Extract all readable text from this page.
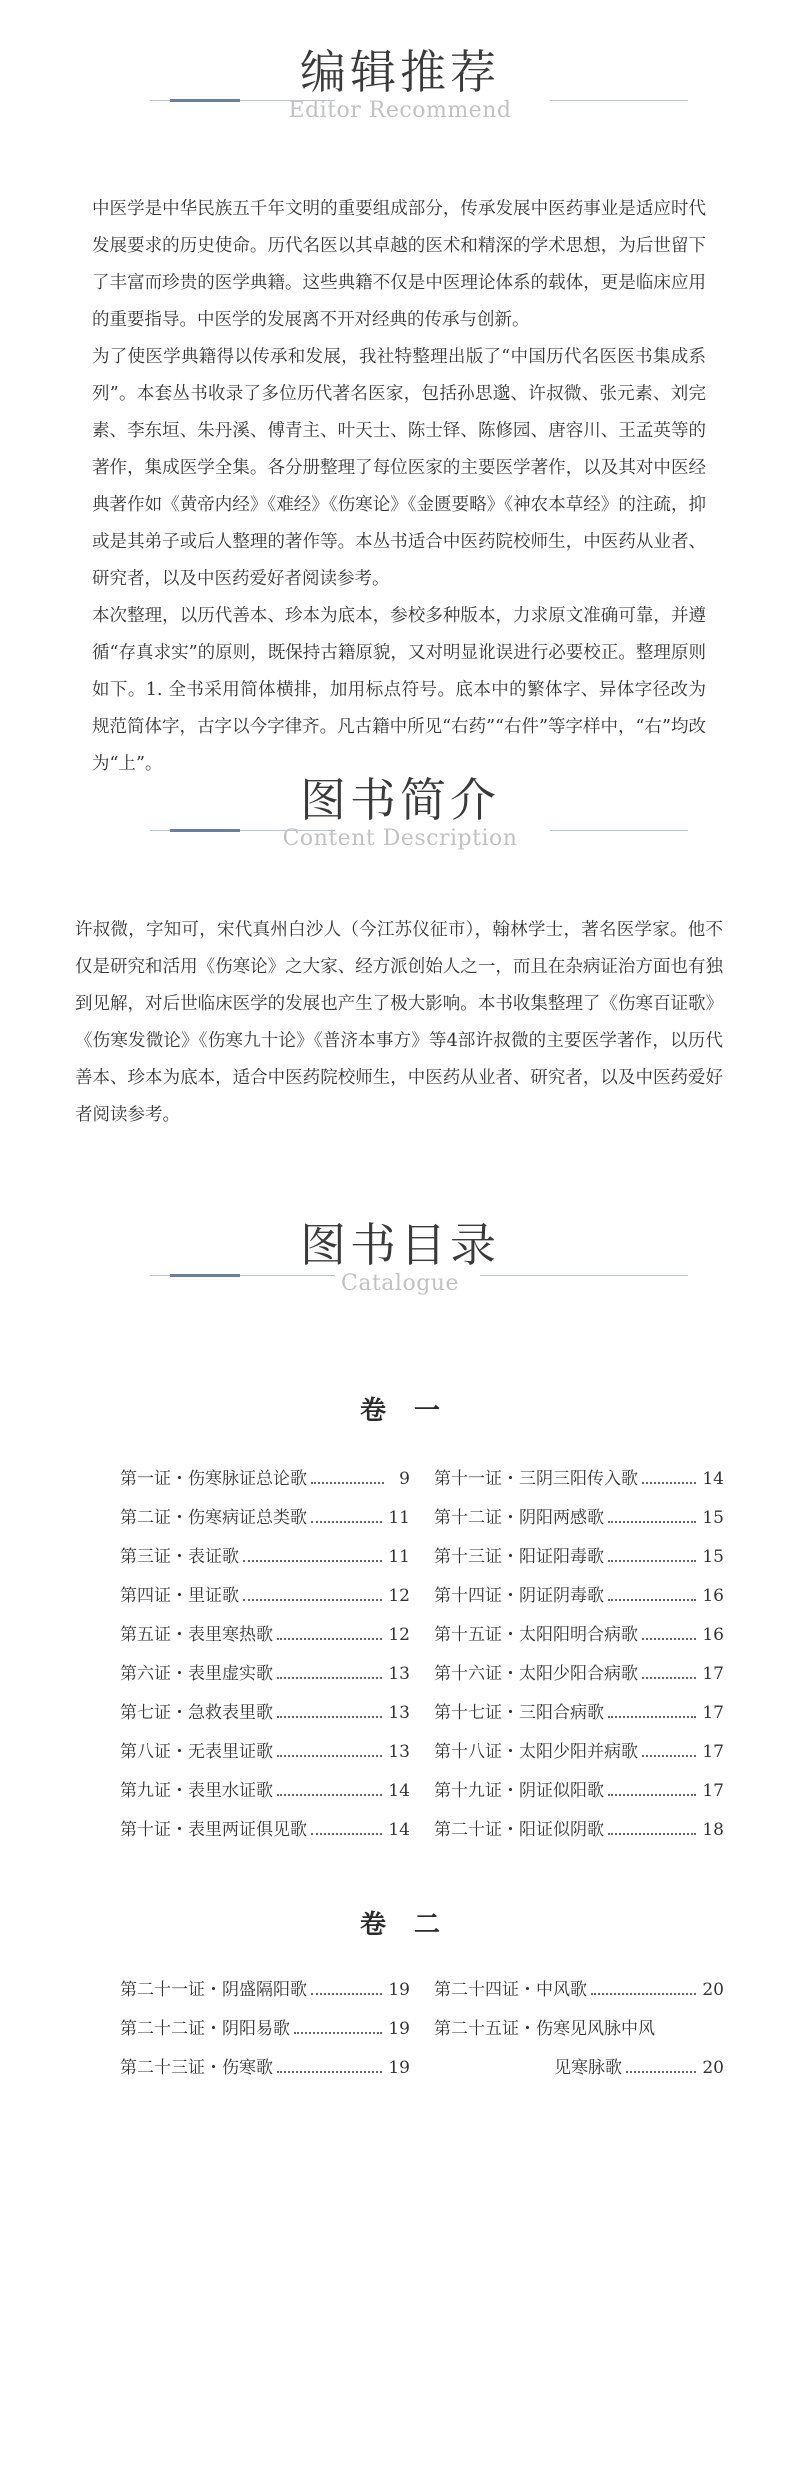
编辑推荐
Editor Recommend

中医学是中华民族五千年文明的重要组成部分，传承发展中医药事业是适应时代发展要求的历史使命。历代名医以其卓越的医术和精深的学术思想，为后世留下了丰富而珍贵的医学典籍。这些典籍不仅是中医理论体系的载体，更是临床应用的重要指导。中医学的发展离不开对经典的传承与创新。

为了使医学典籍得以传承和发展，我社特整理出版了“中国历代名医医书集成系列”。本套丛书收录了多位历代著名医家，包括孙思邈、许叔微、张元素、刘完素、李东垣、朱丹溪、傅青主、叶天士、陈士铎、陈修园、唐容川、王孟英等的著作，集成医学全集。各分册整理了每位医家的主要医学著作，以及其对中医经典著作如《黄帝内经》《难经》《伤寒论》《金匮要略》《神农本草经》的注疏，抑或是其弟子或后人整理的著作等。本丛书适合中医药院校师生，中医药从业者、研究者，以及中医药爱好者阅读参考。

本次整理，以历代善本、珍本为底本，参校多种版本，力求原文准确可靠，并遵循“存真求实”的原则，既保持古籍原貌，又对明显讹误进行必要校正。整理原则如下。1. 全书采用简体横排，加用标点符号。底本中的繁体字、异体字径改为规范简体字，古字以今字律齐。凡古籍中所见“右药”“右件”等字样中，“右”均改为“上”。

图书简介
Content Description

许叔微，字知可，宋代真州白沙人（今江苏仪征市），翰林学士，著名医学家。他不仅是研究和活用《伤寒论》之大家、经方派创始人之一，而且在杂病证治方面也有独到见解，对后世临床医学的发展也产生了极大影响。本书收集整理了《伤寒百证歌》《伤寒发微论》《伤寒九十论》《普济本事方》等4部许叔微的主要医学著作，以历代善本、珍本为底本，适合中医药院校师生，中医药从业者、研究者，以及中医药爱好者阅读参考。

图书目录
Catalogue
卷一
第一证・伤寒脉证总论歌	9
第二证・伤寒病证总类歌	11
第三证・表证歌	11
第四证・里证歌	12
第五证・表里寒热歌	12
第六证・表里虚实歌	13
第七证・急救表里歌	13
第八证・无表里证歌	13
第九证・表里水证歌	14
第十证・表里两证俱见歌	14
第十一证・三阴三阳传入歌	14
第十二证・阴阳两感歌	15
第十三证・阳证阳毒歌	15
第十四证・阴证阴毒歌	16
第十五证・太阳阳明合病歌	16
第十六证・太阳少阳合病歌	17
第十七证・三阳合病歌	17
第十八证・太阳少阳并病歌	17
第十九证・阴证似阳歌	17
第二十证・阳证似阴歌	18
卷二
第二十一证・阴盛隔阳歌	19
第二十二证・阴阳易歌	19
第二十三证・伤寒歌	19
第二十四证・中风歌	20
第二十五证・伤寒见风脉中风
见寒脉歌	20
